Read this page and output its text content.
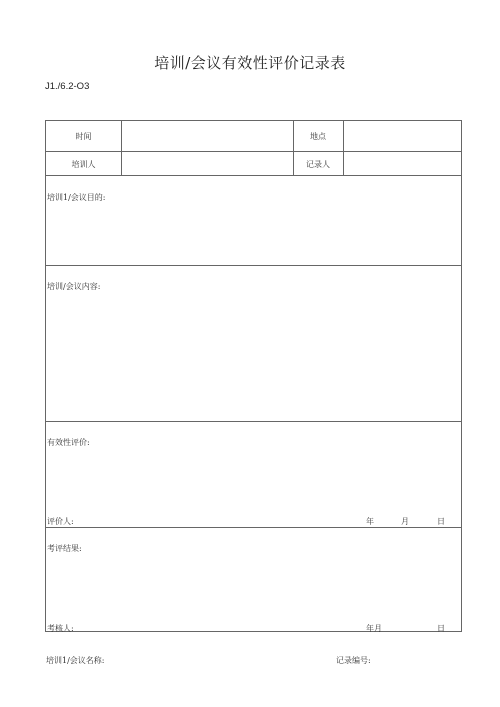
培训/会议有效性评价记录表
J1./6.2-O3
时间	地点
培训人	记录人
培训1/会议目的:
培训/会议内容:
有效性评价:
评价人:	年	月	日
考评结果:
考核人:	年月	日
培训1/会议名称:	记录编号:
